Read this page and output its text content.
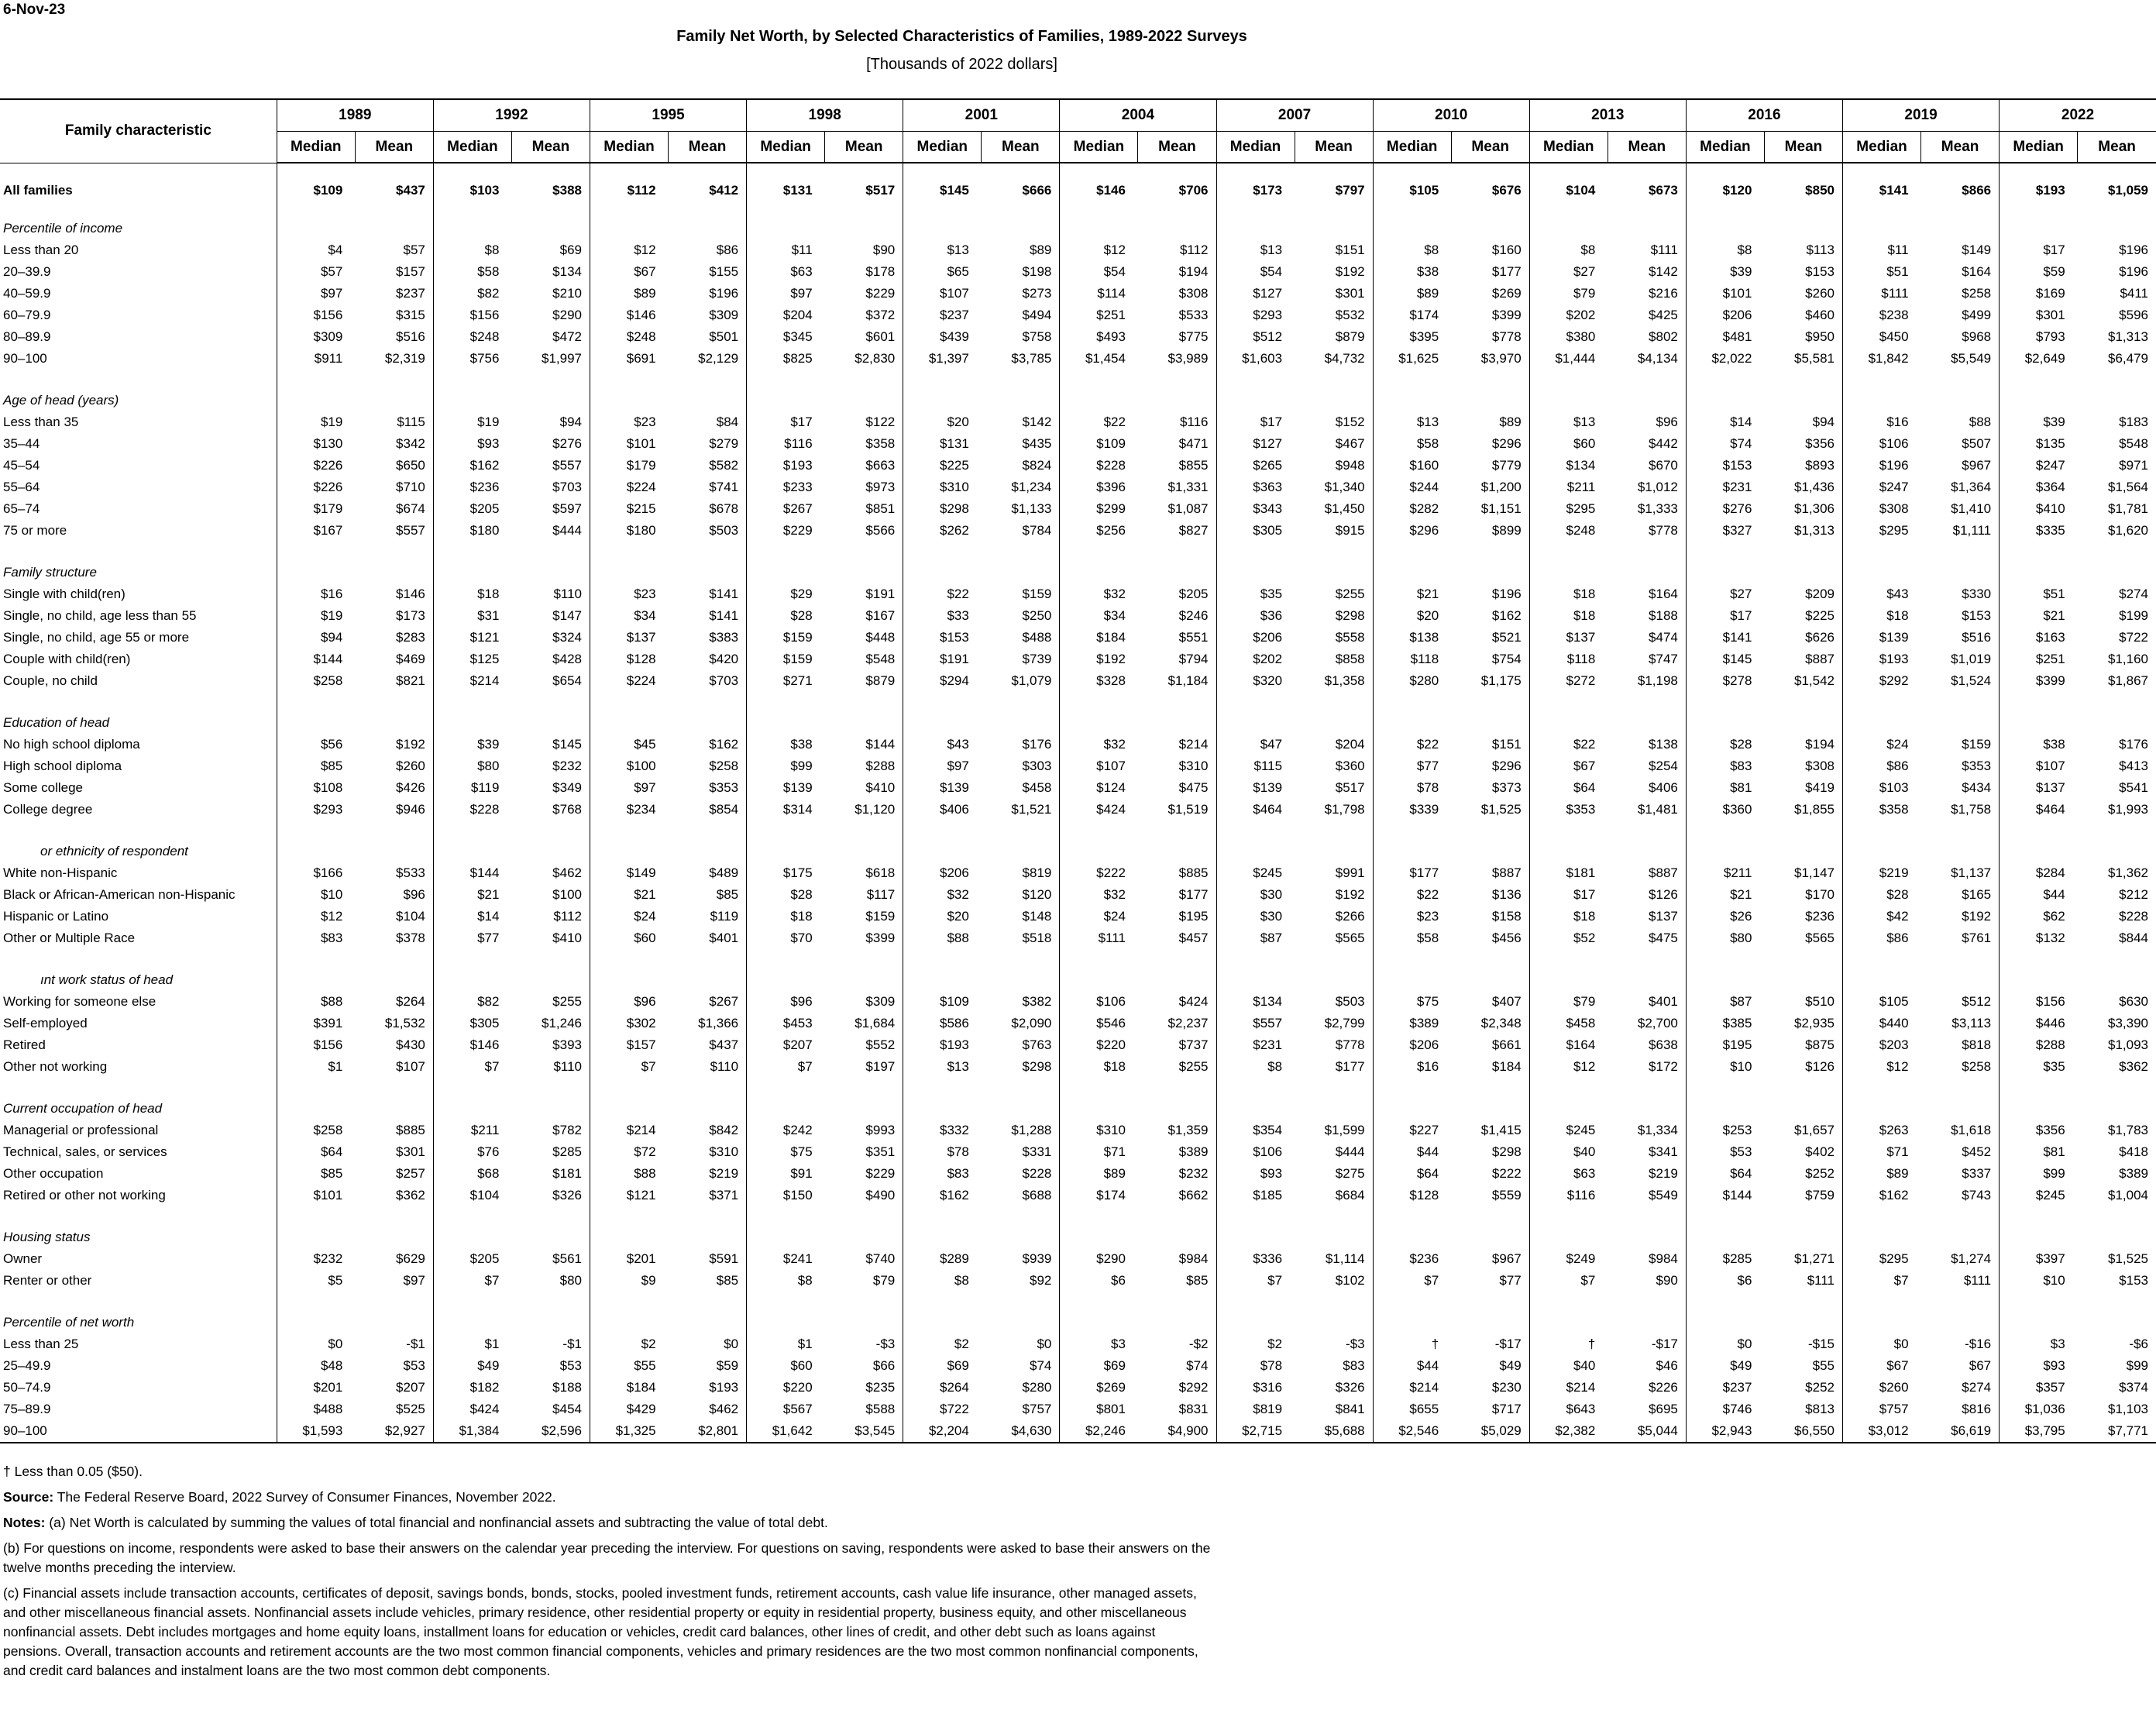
6-Nov-23
Family Net Worth, by Selected Characteristics of Families, 1989-2022 Surveys
[Thousands of 2022 dollars]
Family characteristic	1989		1992		1995		1998		2001		2004		2007		2010		2013		2016		2019		2022	
	Median	Mean	Median	Mean	Median	Mean	Median	Mean	Median	Mean	Median	Mean	Median	Mean	Median	Mean	Median	Mean	Median	Mean	Median	Mean	Median	Mean
All families	$109	$437	$103	$388	$112	$412	$131	$517	$145	$666	$146	$706	$173	$797	$105	$676	$104	$673	$120	$850	$141	$866	$193	$1,059
Percentile of income																								
Less than 20	$4	$57	$8	$69	$12	$86	$11	$90	$13	$89	$12	$112	$13	$151	$8	$160	$8	$111	$8	$113	$11	$149	$17	$196
20–39.9	$57	$157	$58	$134	$67	$155	$63	$178	$65	$198	$54	$194	$54	$192	$38	$177	$27	$142	$39	$153	$51	$164	$59	$196
40–59.9	$97	$237	$82	$210	$89	$196	$97	$229	$107	$273	$114	$308	$127	$301	$89	$269	$79	$216	$101	$260	$111	$258	$169	$411
60–79.9	$156	$315	$156	$290	$146	$309	$204	$372	$237	$494	$251	$533	$293	$532	$174	$399	$202	$425	$206	$460	$238	$499	$301	$596
80–89.9	$309	$516	$248	$472	$248	$501	$345	$601	$439	$758	$493	$775	$512	$879	$395	$778	$380	$802	$481	$950	$450	$968	$793	$1,313
90–100	$911	$2,319	$756	$1,997	$691	$2,129	$825	$2,830	$1,397	$3,785	$1,454	$3,989	$1,603	$4,732	$1,625	$3,970	$1,444	$4,134	$2,022	$5,581	$1,842	$5,549	$2,649	$6,479

Age of head (years)																								
Less than 35	$19	$115	$19	$94	$23	$84	$17	$122	$20	$142	$22	$116	$17	$152	$13	$89	$13	$96	$14	$94	$16	$88	$39	$183
35–44	$130	$342	$93	$276	$101	$279	$116	$358	$131	$435	$109	$471	$127	$467	$58	$296	$60	$442	$74	$356	$106	$507	$135	$548
45–54	$226	$650	$162	$557	$179	$582	$193	$663	$225	$824	$228	$855	$265	$948	$160	$779	$134	$670	$153	$893	$196	$967	$247	$971
55–64	$226	$710	$236	$703	$224	$741	$233	$973	$310	$1,234	$396	$1,331	$363	$1,340	$244	$1,200	$211	$1,012	$231	$1,436	$247	$1,364	$364	$1,564
65–74	$179	$674	$205	$597	$215	$678	$267	$851	$298	$1,133	$299	$1,087	$343	$1,450	$282	$1,151	$295	$1,333	$276	$1,306	$308	$1,410	$410	$1,781
75 or more	$167	$557	$180	$444	$180	$503	$229	$566	$262	$784	$256	$827	$305	$915	$296	$899	$248	$778	$327	$1,313	$295	$1,111	$335	$1,620

Family structure																								
Single with child(ren)	$16	$146	$18	$110	$23	$141	$29	$191	$22	$159	$32	$205	$35	$255	$21	$196	$18	$164	$27	$209	$43	$330	$51	$274
Single, no child, age less than 55	$19	$173	$31	$147	$34	$141	$28	$167	$33	$250	$34	$246	$36	$298	$20	$162	$18	$188	$17	$225	$18	$153	$21	$199
Single, no child, age 55 or more	$94	$283	$121	$324	$137	$383	$159	$448	$153	$488	$184	$551	$206	$558	$138	$521	$137	$474	$141	$626	$139	$516	$163	$722
Couple with child(ren)	$144	$469	$125	$428	$128	$420	$159	$548	$191	$739	$192	$794	$202	$858	$118	$754	$118	$747	$145	$887	$193	$1,019	$251	$1,160
Couple, no child	$258	$821	$214	$654	$224	$703	$271	$879	$294	$1,079	$328	$1,184	$320	$1,358	$280	$1,175	$272	$1,198	$278	$1,542	$292	$1,524	$399	$1,867

Education of head																								
No high school diploma	$56	$192	$39	$145	$45	$162	$38	$144	$43	$176	$32	$214	$47	$204	$22	$151	$22	$138	$28	$194	$24	$159	$38	$176
High school diploma	$85	$260	$80	$232	$100	$258	$99	$288	$97	$303	$107	$310	$115	$360	$77	$296	$67	$254	$83	$308	$86	$353	$107	$413
Some college	$108	$426	$119	$349	$97	$353	$139	$410	$139	$458	$124	$475	$139	$517	$78	$373	$64	$406	$81	$419	$103	$434	$137	$541
College degree	$293	$946	$228	$768	$234	$854	$314	$1,120	$406	$1,521	$424	$1,519	$464	$1,798	$339	$1,525	$353	$1,481	$360	$1,855	$358	$1,758	$464	$1,993

or ethnicity of respondent																								
White non-Hispanic	$166	$533	$144	$462	$149	$489	$175	$618	$206	$819	$222	$885	$245	$991	$177	$887	$181	$887	$211	$1,147	$219	$1,137	$284	$1,362
Black or African-American non-Hispanic	$10	$96	$21	$100	$21	$85	$28	$117	$32	$120	$32	$177	$30	$192	$22	$136	$17	$126	$21	$170	$28	$165	$44	$212
Hispanic or Latino	$12	$104	$14	$112	$24	$119	$18	$159	$20	$148	$24	$195	$30	$266	$23	$158	$18	$137	$26	$236	$42	$192	$62	$228
Other or Multiple Race	$83	$378	$77	$410	$60	$401	$70	$399	$88	$518	$111	$457	$87	$565	$58	$456	$52	$475	$80	$565	$86	$761	$132	$844

ınt work status of head																								
Working for someone else	$88	$264	$82	$255	$96	$267	$96	$309	$109	$382	$106	$424	$134	$503	$75	$407	$79	$401	$87	$510	$105	$512	$156	$630
Self-employed	$391	$1,532	$305	$1,246	$302	$1,366	$453	$1,684	$586	$2,090	$546	$2,237	$557	$2,799	$389	$2,348	$458	$2,700	$385	$2,935	$440	$3,113	$446	$3,390
Retired	$156	$430	$146	$393	$157	$437	$207	$552	$193	$763	$220	$737	$231	$778	$206	$661	$164	$638	$195	$875	$203	$818	$288	$1,093
Other not working	$1	$107	$7	$110	$7	$110	$7	$197	$13	$298	$18	$255	$8	$177	$16	$184	$12	$172	$10	$126	$12	$258	$35	$362

Current occupation of head																								
Managerial or professional	$258	$885	$211	$782	$214	$842	$242	$993	$332	$1,288	$310	$1,359	$354	$1,599	$227	$1,415	$245	$1,334	$253	$1,657	$263	$1,618	$356	$1,783
Technical, sales, or services	$64	$301	$76	$285	$72	$310	$75	$351	$78	$331	$71	$389	$106	$444	$44	$298	$40	$341	$53	$402	$71	$452	$81	$418
Other occupation	$85	$257	$68	$181	$88	$219	$91	$229	$83	$228	$89	$232	$93	$275	$64	$222	$63	$219	$64	$252	$89	$337	$99	$389
Retired or other not working	$101	$362	$104	$326	$121	$371	$150	$490	$162	$688	$174	$662	$185	$684	$128	$559	$116	$549	$144	$759	$162	$743	$245	$1,004

Housing status																								
Owner	$232	$629	$205	$561	$201	$591	$241	$740	$289	$939	$290	$984	$336	$1,114	$236	$967	$249	$984	$285	$1,271	$295	$1,274	$397	$1,525
Renter or other	$5	$97	$7	$80	$9	$85	$8	$79	$8	$92	$6	$85	$7	$102	$7	$77	$7	$90	$6	$111	$7	$111	$10	$153

Percentile of net worth																								
Less than 25	$0	-$1	$1	-$1	$2	$0	$1	-$3	$2	$0	$3	-$2	$2	-$3	†	-$17	†	-$17	$0	-$15	$0	-$16	$3	-$6
25–49.9	$48	$53	$49	$53	$55	$59	$60	$66	$69	$74	$69	$74	$78	$83	$44	$49	$40	$46	$49	$55	$67	$67	$93	$99
50–74.9	$201	$207	$182	$188	$184	$193	$220	$235	$264	$280	$269	$292	$316	$326	$214	$230	$214	$226	$237	$252	$260	$274	$357	$374
75–89.9	$488	$525	$424	$454	$429	$462	$567	$588	$722	$757	$801	$831	$819	$841	$655	$717	$643	$695	$746	$813	$757	$816	$1,036	$1,103
90–100	$1,593	$2,927	$1,384	$2,596	$1,325	$2,801	$1,642	$3,545	$2,204	$4,630	$2,246	$4,900	$2,715	$5,688	$2,546	$5,029	$2,382	$5,044	$2,943	$6,550	$3,012	$6,619	$3,795	$7,771

† Less than 0.05 ($50).

Source: The Federal Reserve Board, 2022 Survey of Consumer Finances, November 2022.

Notes: (a) Net Worth is calculated by summing the values of total financial and nonfinancial assets and subtracting the value of total debt.

(b) For questions on income, respondents were asked to base their answers on the calendar year preceding the interview. For questions on saving, respondents were asked to base their answers on the twelve months preceding the interview.

(c) Financial assets include transaction accounts, certificates of deposit, savings bonds, bonds, stocks, pooled investment funds, retirement accounts, cash value life insurance, other managed assets, and other miscellaneous financial assets. Nonfinancial assets include vehicles, primary residence, other residential property or equity in residential property, business equity, and other miscellaneous nonfinancial assets. Debt includes mortgages and home equity loans, installment loans for education or vehicles, credit card balances, other lines of credit, and other debt such as loans against pensions. Overall, transaction accounts and retirement accounts are the two most common financial components, vehicles and primary residences are the two most common nonfinancial components, and credit card balances and instalment loans are the two most common debt components.
